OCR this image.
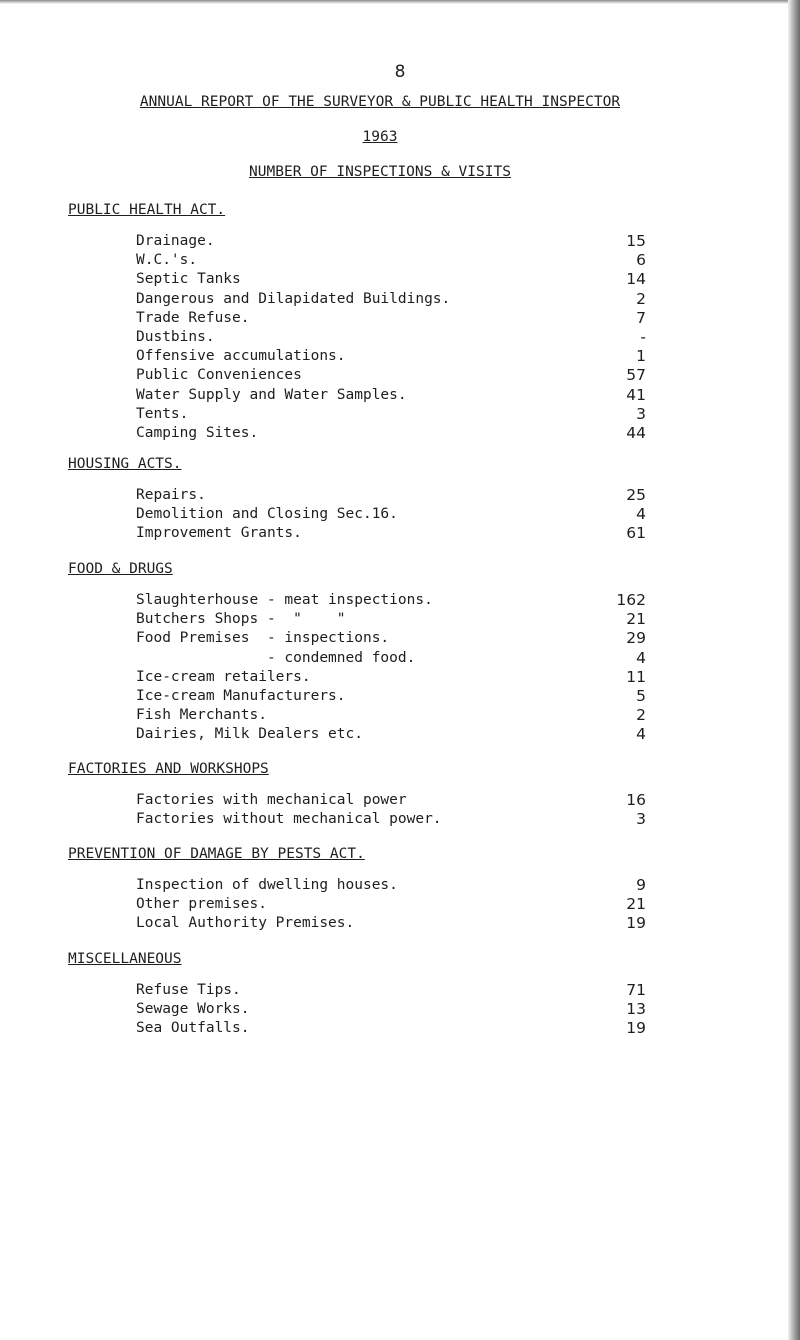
8
ANNUAL REPORT OF THE SURVEYOR & PUBLIC HEALTH INSPECTOR
1963
NUMBER OF INSPECTIONS & VISITS
PUBLIC HEALTH ACT.
Drainage.	15
W.C.'s.	6
Septic Tanks	14
Dangerous and Dilapidated Buildings.	2
Trade Refuse.	7
Dustbins.	-
Offensive accumulations.	1
Public Conveniences	57
Water Supply and Water Samples.	41
Tents.	3
Camping Sites.	44
HOUSING ACTS.
Repairs.	25
Demolition and Closing Sec.16.	4
Improvement Grants.	61
FOOD & DRUGS
Slaughterhouse - meat inspections.	162
Butchers Shops -  "    "	21
Food Premises  - inspections.	29
- condemned food.	4
Ice-cream retailers.	11
Ice-cream Manufacturers.	5
Fish Merchants.	2
Dairies, Milk Dealers etc.	4
FACTORIES AND WORKSHOPS
Factories with mechanical power	16
Factories without mechanical power.	3
PREVENTION OF DAMAGE BY PESTS ACT.
Inspection of dwelling houses.	9
Other premises.	21
Local Authority Premises.	19
MISCELLANEOUS
Refuse Tips.	71
Sewage Works.	13
Sea Outfalls.	19
